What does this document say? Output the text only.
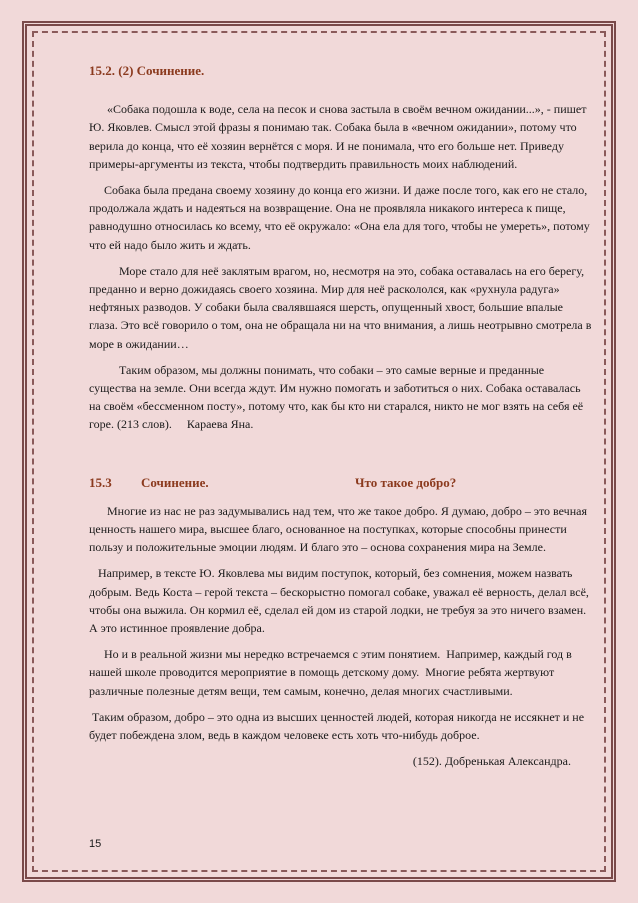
15.2. (2) Сочинение.

«Собака подошла к воде, села на песок и снова застыла в своём вечном ожидании...», - пишет Ю. Яковлев. Смысл этой фразы я понимаю так. Собака была в «вечном ожидании», потому что верила до конца, что её хозяин вернётся с моря. И не понимала, что его больше нет. Приведу примеры-аргументы из текста, чтобы подтвердить правильность моих наблюдений.

Собака была предана своему хозяину до конца его жизни. И даже после того, как его не стало, продолжала ждать и надеяться на возвращение. Она не проявляла никакого интереса к пище, равнодушно относилась ко всему, что её окружало: «Она ела для того, чтобы не умереть», потому что ей надо было жить и ждать.

Море стало для неё заклятым врагом, но, несмотря на это, собака оставалась на его берегу, преданно и верно дожидаясь своего хозяина. Мир для неё раскололся, как «рухнула радуга» нефтяных разводов. У собаки была свалявшаяся шерсть, опущенный хвост, большие впалые глаза. Это всё говорило о том, она не обращала ни на что внимания, а лишь неотрывно смотрела в море в ожидании…

Таким образом, мы должны понимать, что собаки – это самые верные и преданные существа на земле. Они всегда ждут. Им нужно помогать и заботиться о них. Собака оставалась на своём «бессменном посту», потому что, как бы кто ни старался, никто не мог взять на себя её горе. (213 слов).     Караева Яна.

15.3	Сочинение.	Что такое добро?

Многие из нас не раз задумывались над тем, что же такое добро. Я думаю, добро – это вечная ценность нашего мира, высшее благо, основанное на поступках, которые способны принести пользу и положительные эмоции людям. И благо это – основа сохранения мира на Земле.

Например, в тексте Ю. Яковлева мы видим поступок, который, без сомнения, можем назвать добрым. Ведь Коста – герой текста – бескорыстно помогал собаке, уважал её верность, делал всё, чтобы она выжила. Он кормил её, сделал ей дом из старой лодки, не требуя за это ничего взамен.  А это истинное проявление добра.

Но и в реальной жизни мы нередко встречаемся с этим понятием.  Например, каждый год в нашей школе проводится мероприятие в помощь детскому дому.  Многие ребята жертвуют различные полезные детям вещи, тем самым, конечно, делая многих счастливыми.

Таким образом, добро – это одна из высших ценностей людей, которая никогда не иссякнет и не будет побеждена злом, ведь в каждом человеке есть хоть что-нибудь доброе.

(152). Добренькая Александра.

15
